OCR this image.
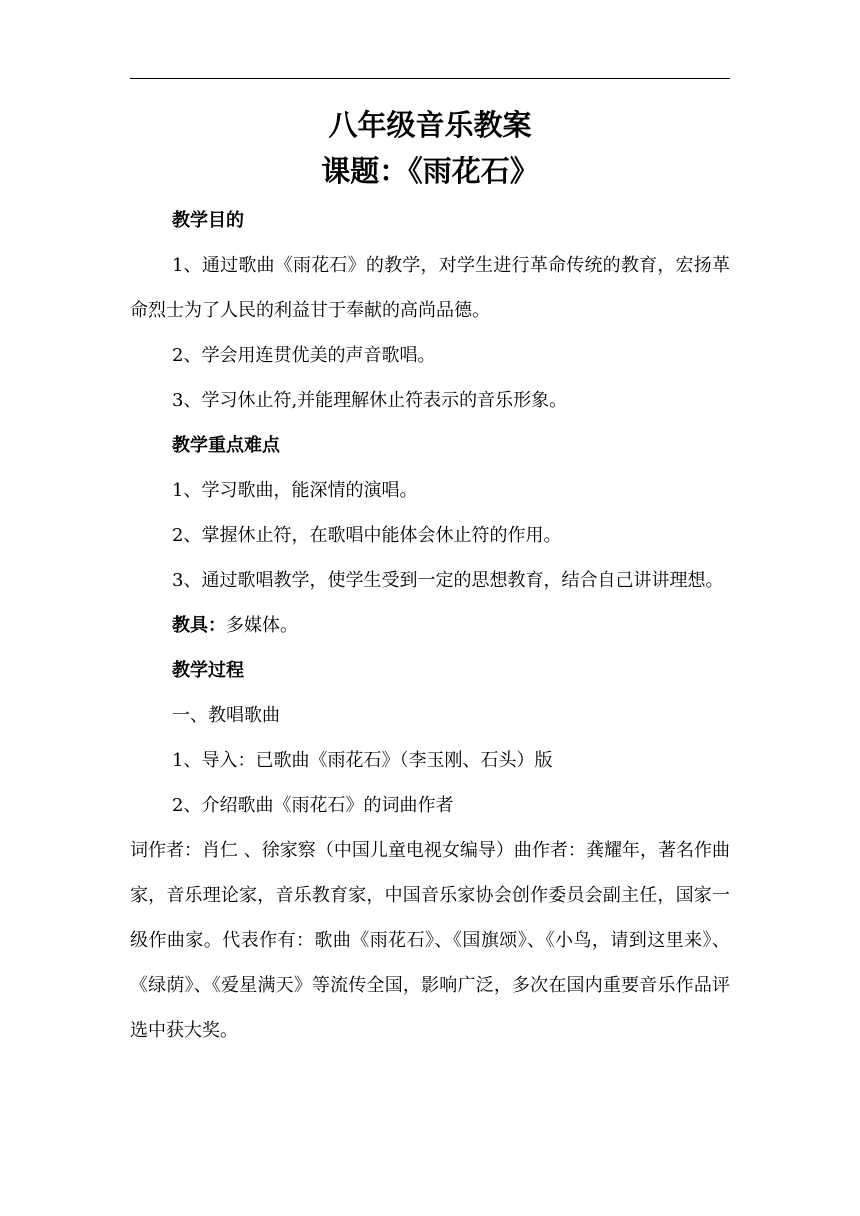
八年级音乐教案
课题：《雨花石》

教学目的

1、通过歌曲《雨花石》的教学，对学生进行革命传统的教育，宏扬革命烈士为了人民的利益甘于奉献的高尚品德。

2、学会用连贯优美的声音歌唱。

3、学习休止符,并能理解休止符表示的音乐形象。

教学重点难点

1、学习歌曲，能深情的演唱。

2、掌握休止符，在歌唱中能体会休止符的作用。

3、通过歌唱教学，使学生受到一定的思想教育，结合自己讲讲理想。

教具：多媒体。

教学过程

一、教唱歌曲

1、导入：已歌曲《雨花石》（李玉刚、石头）版

2、介绍歌曲《雨花石》的词曲作者

词作者：肖仁 、徐家察（中国儿童电视女编导）曲作者：龚耀年，著名作曲家，音乐理论家，音乐教育家，中国音乐家协会创作委员会副主任，国家一级作曲家。代表作有：歌曲《雨花石》、《国旗颂》、《小鸟，请到这里来》、《绿荫》、《爱星满天》等流传全国，影响广泛，多次在国内重要音乐作品评选中获大奖。
